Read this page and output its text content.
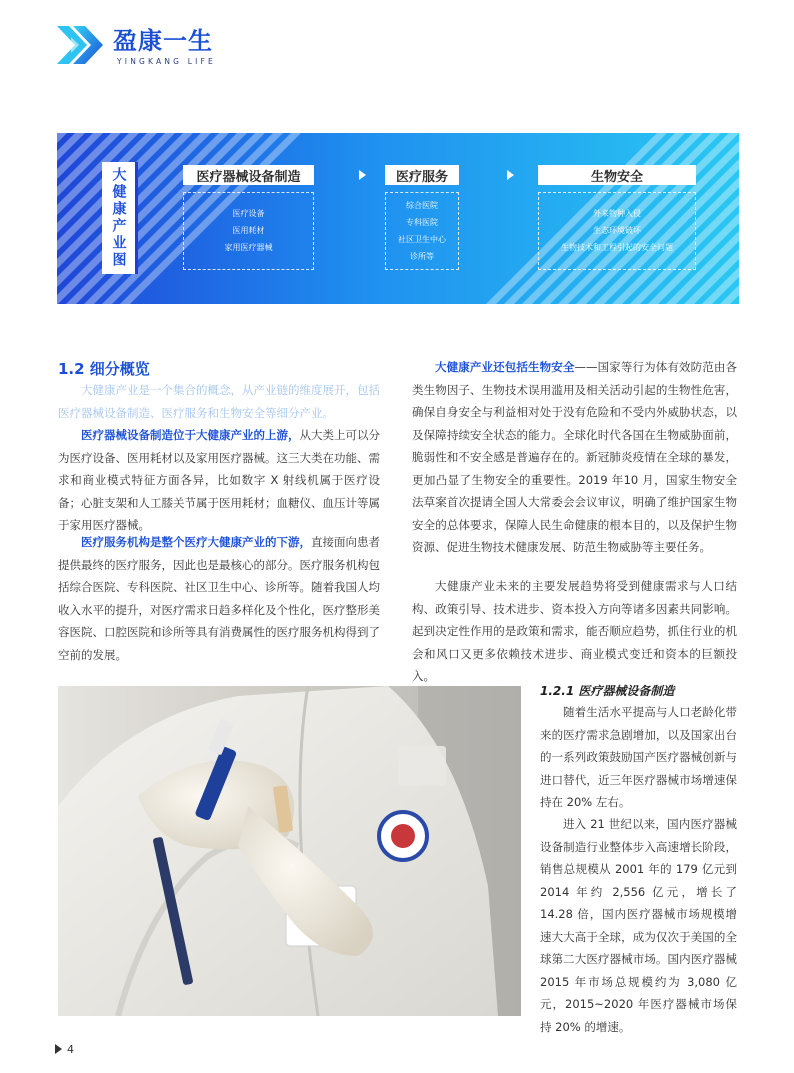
盈康一生
YINGKANG LIFE
大健康产业图	医疗器械设备制造
医疗设备
医用耗材
家用医疗器械
医疗服务
综合医院
专科医院
社区卫生中心
诊所等
生物安全
外来物种入侵
生态环境破坏
生物技术和工程引起的安全问题
1.2 细分概览
大健康产业是一个集合的概念，从产业链的维度展开，包括医疗器械设备制造、医疗服务和生物安全等细分产业。
医疗器械设备制造位于大健康产业的上游，从大类上可以分为医疗设备、医用耗材以及家用医疗器械。这三大类在功能、需求和商业模式特征方面各异，比如数字 X 射线机属于医疗设备；心脏支架和人工膝关节属于医用耗材；血糖仪、血压计等属于家用医疗器械。
医疗服务机构是整个医疗大健康产业的下游，直接面向患者提供最终的医疗服务，因此也是最核心的部分。医疗服务机构包括综合医院、专科医院、社区卫生中心、诊所等。随着我国人均收入水平的提升，对医疗需求日趋多样化及个性化，医疗整形美容医院、口腔医院和诊所等具有消费属性的医疗服务机构得到了空前的发展。
大健康产业还包括生物安全——国家等行为体有效防范由各类生物因子、生物技术误用滥用及相关活动引起的生物性危害，确保自身安全与利益相对处于没有危险和不受内外威胁状态，以及保障持续安全状态的能力。全球化时代各国在生物威胁面前，脆弱性和不安全感是普遍存在的。新冠肺炎疫情在全球的暴发，更加凸显了生物安全的重要性。2019 年10 月，国家生物安全法草案首次提请全国人大常委会会议审议，明确了维护国家生物安全的总体要求，保障人民生命健康的根本目的，以及保护生物资源、促进生物技术健康发展、防范生物威胁等主要任务。
大健康产业未来的主要发展趋势将受到健康需求与人口结构、政策引导、技术进步、资本投入方向等诸多因素共同影响。起到决定性作用的是政策和需求，能否顺应趋势，抓住行业的机会和风口又更多依赖技术进步、商业模式变迁和资本的巨额投入。
1.2.1 医疗器械设备制造
随着生活水平提高与人口老龄化带来的医疗需求急剧增加，以及国家出台的一系列政策鼓励国产医疗器械创新与进口替代，近三年医疗器械市场增速保持在 20% 左右。
进入 21 世纪以来，国内医疗器械设备制造行业整体步入高速增长阶段，销售总规模从 2001 年的 179 亿元到2014 年约 2,556 亿元，增长了 14.28 倍，国内医疗器械市场规模增速大大高于全球，成为仅次于美国的全球第二大医疗器械市场。国内医疗器械 2015 年市场总规模约为 3,080 亿元，2015~2020 年医疗器械市场保持 20% 的增速。
4
